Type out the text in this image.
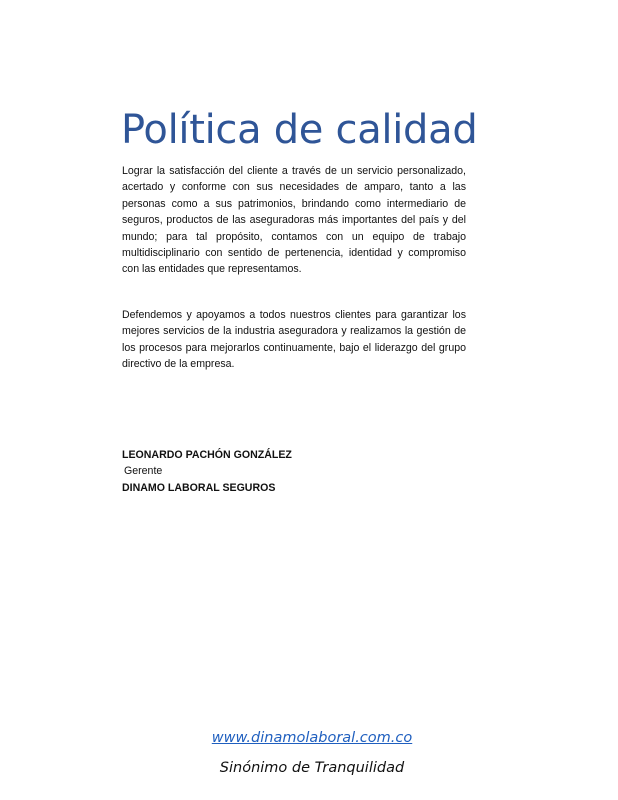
Política de calidad

Lograr la satisfacción del cliente a través de un servicio personalizado, acertado y conforme con sus necesidades de amparo, tanto a las personas como a sus patrimonios, brindando como intermediario de seguros, productos de las aseguradoras más importantes del país y del mundo; para tal propósito, contamos con un equipo de trabajo multidisciplinario con sentido de pertenencia, identidad y compromiso con las entidades que representamos.

Defendemos y apoyamos a todos nuestros clientes para garantizar los mejores servicios de la industria aseguradora y realizamos la gestión de los procesos para mejorarlos continuamente, bajo el liderazgo del grupo directivo de la empresa.

LEONARDO PACHÓN GONZÁLEZ
Gerente
DINAMO LABORAL SEGUROS
www.dinamolaboral.com.co
Sinónimo de Tranquilidad
